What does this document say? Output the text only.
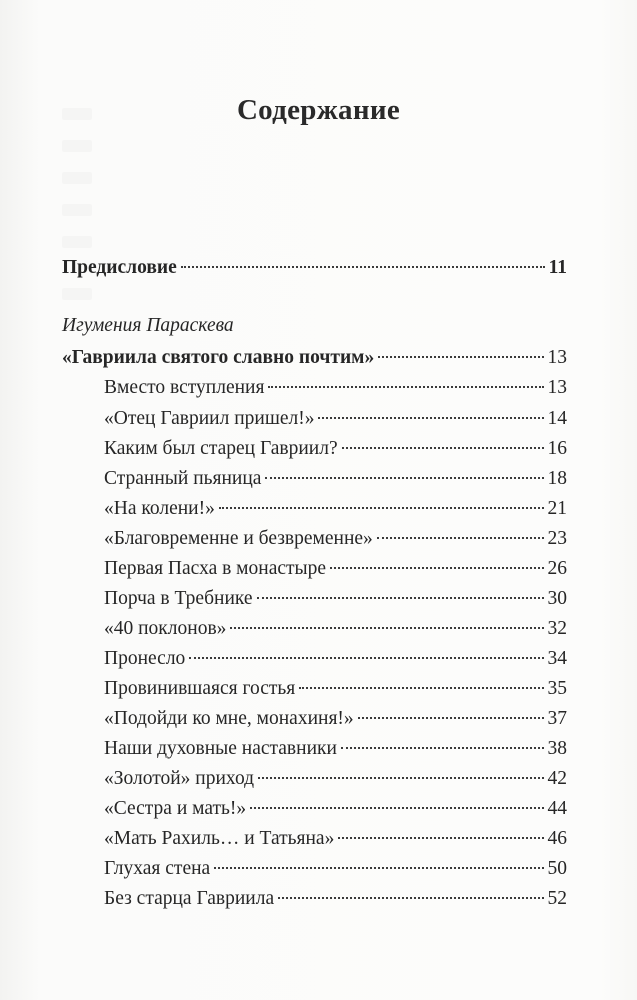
Содержание
Предисловие	11
Игумения Параскева
«Гавриила святого славно почтим»	13
Вместо вступления	13
«Отец Гавриил пришел!»	14
Каким был старец Гавриил?	16
Странный пьяница	18
«На колени!»	21
«Благовременне и безвременне»	23
Первая Пасха в монастыре	26
Порча в Требнике	30
«40 поклонов»	32
Пронесло	34
Провинившаяся гостья	35
«Подойди ко мне, монахиня!»	37
Наши духовные наставники	38
«Золотой» приход	42
«Сестра и мать!»	44
«Мать Рахиль… и Татьяна»	46
Глухая стена	50
Без старца Гавриила	52
